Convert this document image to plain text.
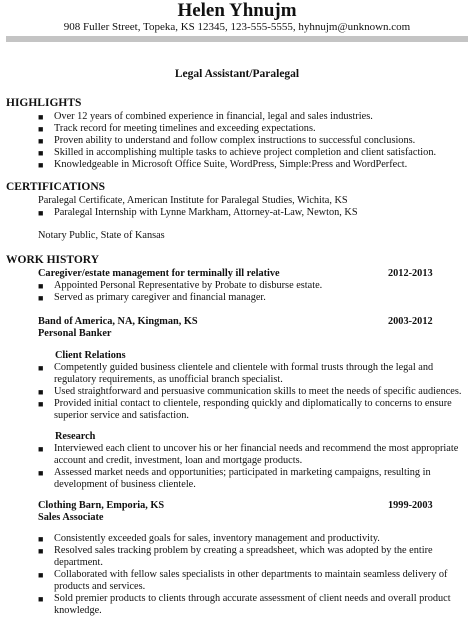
Helen Yhnujm
908 Fuller Street, Topeka, KS 12345, 123-555-5555, hyhnujm@unknown.com
Legal Assistant/Paralegal
HIGHLIGHTS
■	Over 12 years of combined experience in financial, legal and sales industries.
■	Track record for meeting timelines and exceeding expectations.
■	Proven ability to understand and follow complex instructions to successful conclusions.
■	Skilled in accomplishing multiple tasks to achieve project completion and client satisfaction.
■	Knowledgeable in Microsoft Office Suite, WordPress, Simple:Press and WordPerfect.
CERTIFICATIONS
Paralegal Certificate, American Institute for Paralegal Studies, Wichita, KS
■	Paralegal Internship with Lynne Markham, Attorney-at-Law, Newton, KS
Notary Public, State of Kansas
WORK HISTORY
Caregiver/estate management for terminally ill relative	2012-2013
■	Appointed Personal Representative by Probate to disburse estate.
■	Served as primary caregiver and financial manager.
Band of America, NA, Kingman, KS	2003-2012
Personal Banker
Client Relations
■	Competently guided business clientele and clientele with formal trusts through the legal and
regulatory requirements, as unofficial branch specialist.
■	Used straightforward and persuasive communication skills to meet the needs of specific audiences.
■	Provided initial contact to clientele, responding quickly and diplomatically to concerns to ensure
superior service and satisfaction.
Research
■	Interviewed each client to uncover his or her financial needs and recommend the most appropriate
account and credit, investment, loan and mortgage products.
■	Assessed market needs and opportunities; participated in marketing campaigns, resulting in
development of business clientele.
Clothing Barn, Emporia, KS	1999-2003
Sales Associate
■	Consistently exceeded goals for sales, inventory management and productivity.
■	Resolved sales tracking problem by creating a spreadsheet, which was adopted by the entire
department.
■	Collaborated with fellow sales specialists in other departments to maintain seamless delivery of
products and services.
■	Sold premier products to clients through accurate assessment of client needs and overall product
knowledge.
